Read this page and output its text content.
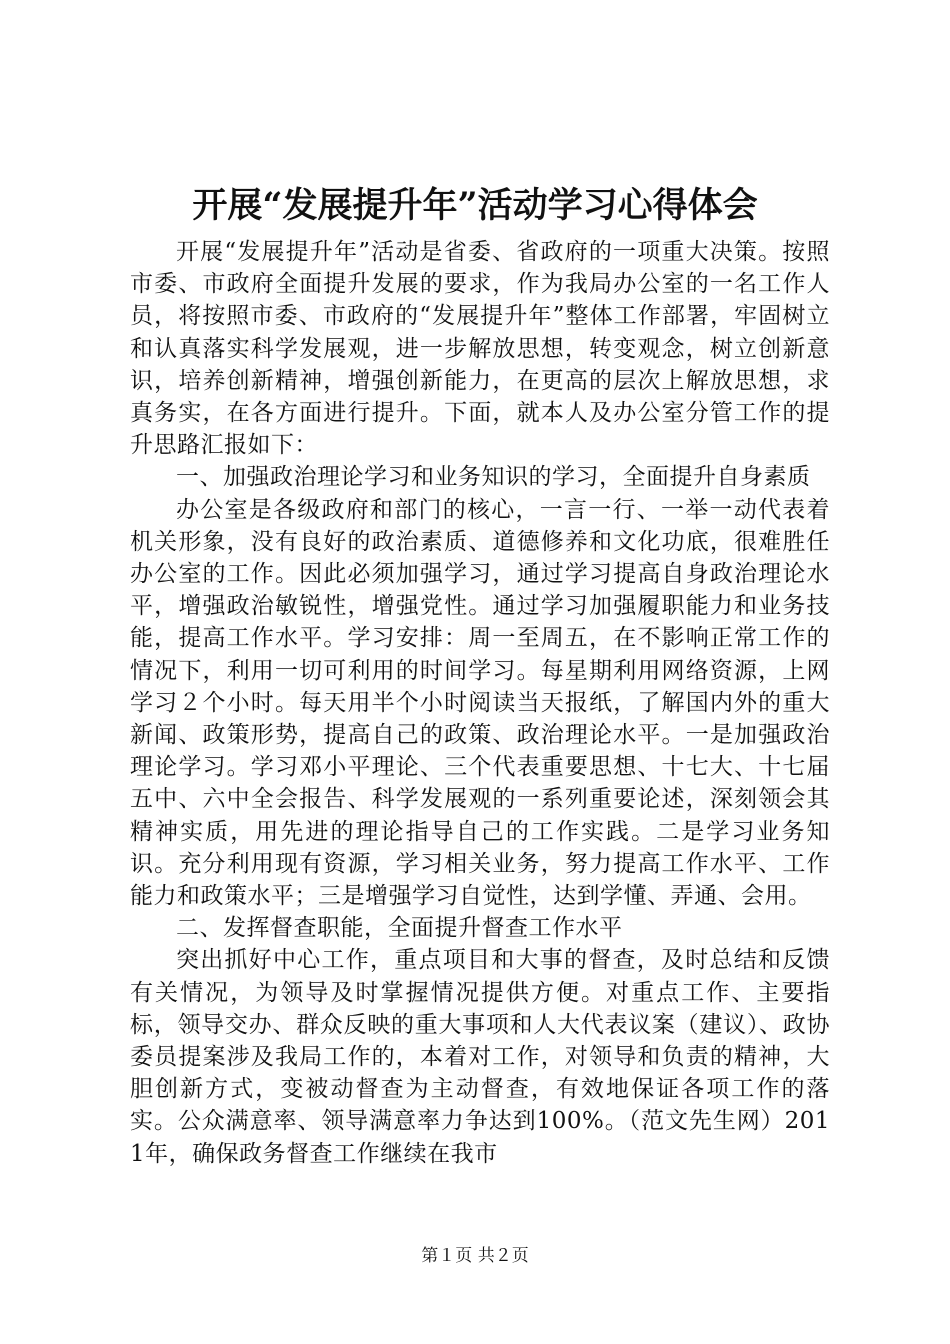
开展“发展提升年”活动学习心得体会

开展“发展提升年”活动是省委、省政府的一项重大决策。按照市委、市政府全面提升发展的要求，作为我局办公室的一名工作人员，将按照市委、市政府的“发展提升年”整体工作部署，牢固树立和认真落实科学发展观，进一步解放思想，转变观念，树立创新意识，培养创新精神，增强创新能力，在更高的层次上解放思想，求真务实，在各方面进行提升。下面，就本人及办公室分管工作的提升思路汇报如下：

一、加强政治理论学习和业务知识的学习，全面提升自身素质

办公室是各级政府和部门的核心，一言一行、一举一动代表着机关形象，没有良好的政治素质、道德修养和文化功底，很难胜任办公室的工作。因此必须加强学习，通过学习提高自身政治理论水平，增强政治敏锐性，增强党性。通过学习加强履职能力和业务技能，提高工作水平。学习安排：周一至周五，在不影响正常工作的情况下，利用一切可利用的时间学习。每星期利用网络资源，上网学习２个小时。每天用半个小时阅读当天报纸，了解国内外的重大新闻、政策形势，提高自己的政策、政治理论水平。一是加强政治理论学习。学习邓小平理论、三个代表重要思想、十七大、十七届五中、六中全会报告、科学发展观的一系列重要论述，深刻领会其精神实质，用先进的理论指导自己的工作实践。二是学习业务知识。充分利用现有资源，学习相关业务，努力提高工作水平、工作能力和政策水平；三是增强学习自觉性，达到学懂、弄通、会用。

二、发挥督查职能，全面提升督查工作水平

突出抓好中心工作，重点项目和大事的督查，及时总结和反馈有关情况，为领导及时掌握情况提供方便。对重点工作、主要指标，领导交办、群众反映的重大事项和人大代表议案（建议）、政协委员提案涉及我局工作的，本着对工作，对领导和负责的精神，大胆创新方式，变被动督查为主动督查，有效地保证各项工作的落实。公众满意率、领导满意率力争达到100%。（范文先生网）2011年，确保政务督查工作继续在我市

第１页 共２页
